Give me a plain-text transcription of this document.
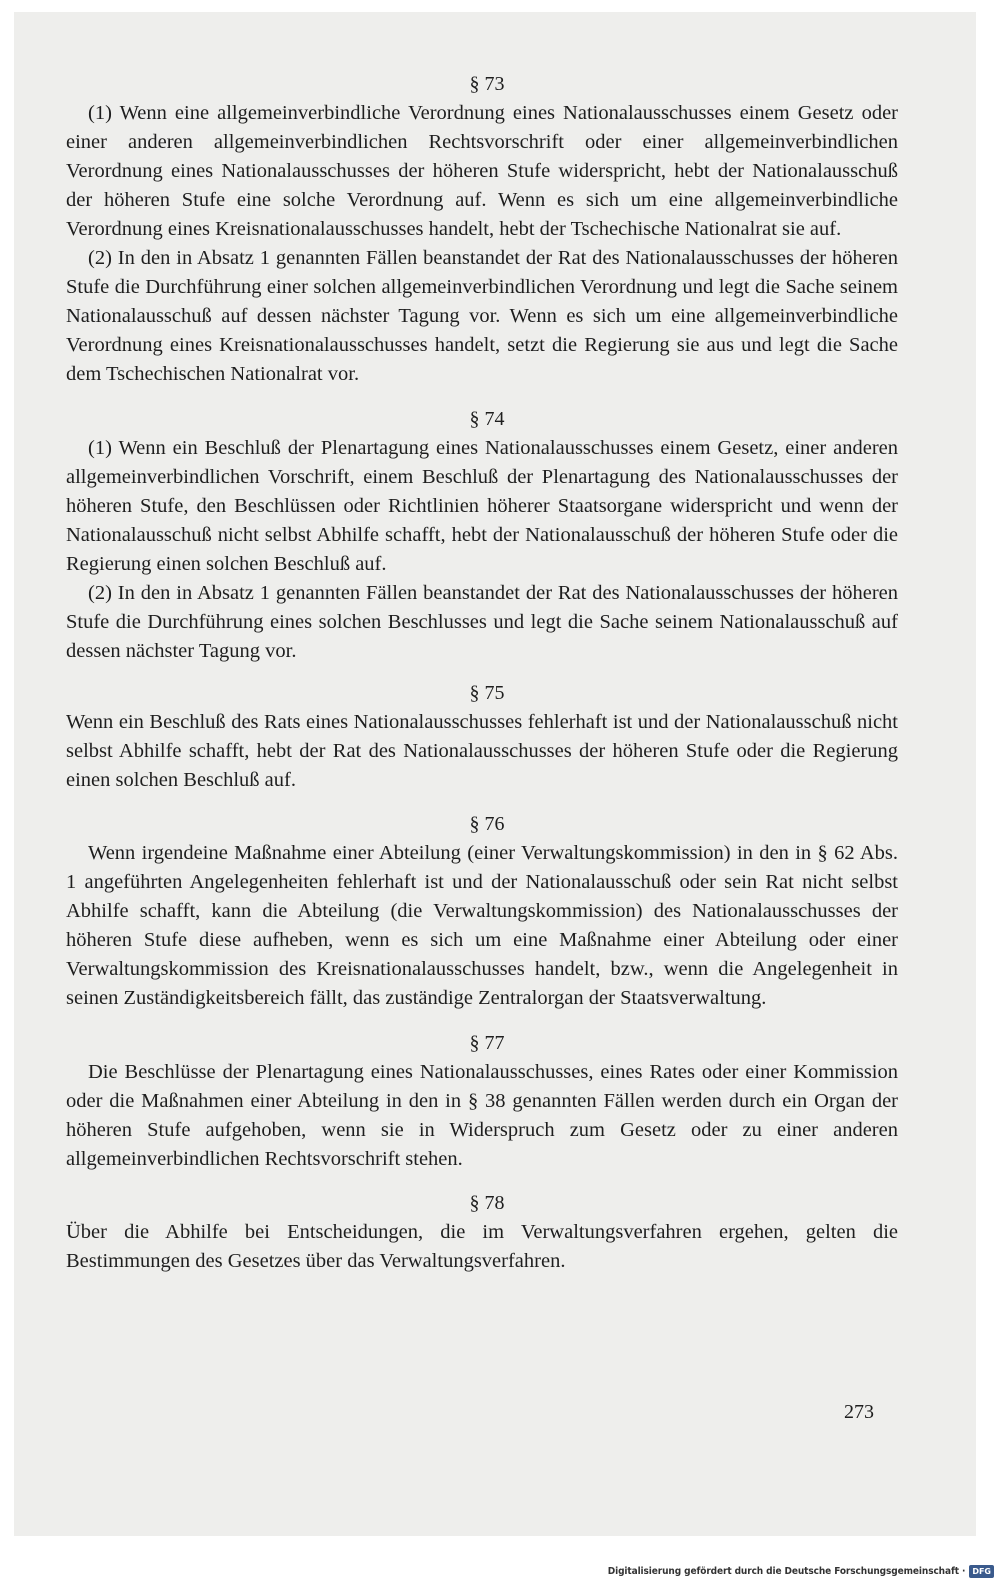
§ 73

(1) Wenn eine allgemeinverbindliche Verordnung eines Nationalausschusses einem Gesetz oder einer anderen allgemeinverbindlichen Rechtsvorschrift oder einer allgemeinverbindlichen Verordnung eines Nationalausschusses der höheren Stufe widerspricht, hebt der Nationalausschuß der höheren Stufe eine solche Verordnung auf. Wenn es sich um eine allgemeinverbindliche Verordnung eines Kreisnationalausschusses handelt, hebt der Tschechische Nationalrat sie auf.

(2) In den in Absatz 1 genannten Fällen beanstandet der Rat des Nationalausschusses der höheren Stufe die Durchführung einer solchen allgemeinverbindlichen Verordnung und legt die Sache seinem Nationalausschuß auf dessen nächster Tagung vor. Wenn es sich um eine allgemeinverbindliche Verordnung eines Kreisnationalausschusses handelt, setzt die Regierung sie aus und legt die Sache dem Tschechischen Nationalrat vor.

§ 74

(1) Wenn ein Beschluß der Plenartagung eines Nationalausschusses einem Gesetz, einer anderen allgemeinverbindlichen Vorschrift, einem Beschluß der Plenartagung des Nationalausschusses der höheren Stufe, den Beschlüssen oder Richtlinien höherer Staatsorgane widerspricht und wenn der Nationalausschuß nicht selbst Abhilfe schafft, hebt der Nationalausschuß der höheren Stufe oder die Regierung einen solchen Beschluß auf.

(2) In den in Absatz 1 genannten Fällen beanstandet der Rat des Nationalausschusses der höheren Stufe die Durchführung eines solchen Beschlusses und legt die Sache seinem Nationalausschuß auf dessen nächster Tagung vor.

§ 75

Wenn ein Beschluß des Rats eines Nationalausschusses fehlerhaft ist und der Nationalausschuß nicht selbst Abhilfe schafft, hebt der Rat des Nationalausschusses der höheren Stufe oder die Regierung einen solchen Beschluß auf.

§ 76

Wenn irgendeine Maßnahme einer Abteilung (einer Verwaltungskommission) in den in § 62 Abs. 1 angeführten Angelegenheiten fehlerhaft ist und der Nationalausschuß oder sein Rat nicht selbst Abhilfe schafft, kann die Abteilung (die Verwaltungskommission) des Nationalausschusses der höheren Stufe diese aufheben, wenn es sich um eine Maßnahme einer Abteilung oder einer Verwaltungskommission des Kreisnationalausschusses handelt, bzw., wenn die Angelegenheit in seinen Zuständigkeitsbereich fällt, das zuständige Zentralorgan der Staatsverwaltung.

§ 77

Die Beschlüsse der Plenartagung eines Nationalausschusses, eines Rates oder einer Kommission oder die Maßnahmen einer Abteilung in den in § 38 genannten Fällen werden durch ein Organ der höheren Stufe aufgehoben, wenn sie in Widerspruch zum Gesetz oder zu einer anderen allgemeinverbindlichen Rechtsvorschrift stehen.

§ 78

Über die Abhilfe bei Entscheidungen, die im Verwaltungsverfahren ergehen, gelten die Bestimmungen des Gesetzes über das Verwaltungsverfahren.

273
Digitalisierung gefördert durch die Deutsche Forschungsgemeinschaft · DFG
